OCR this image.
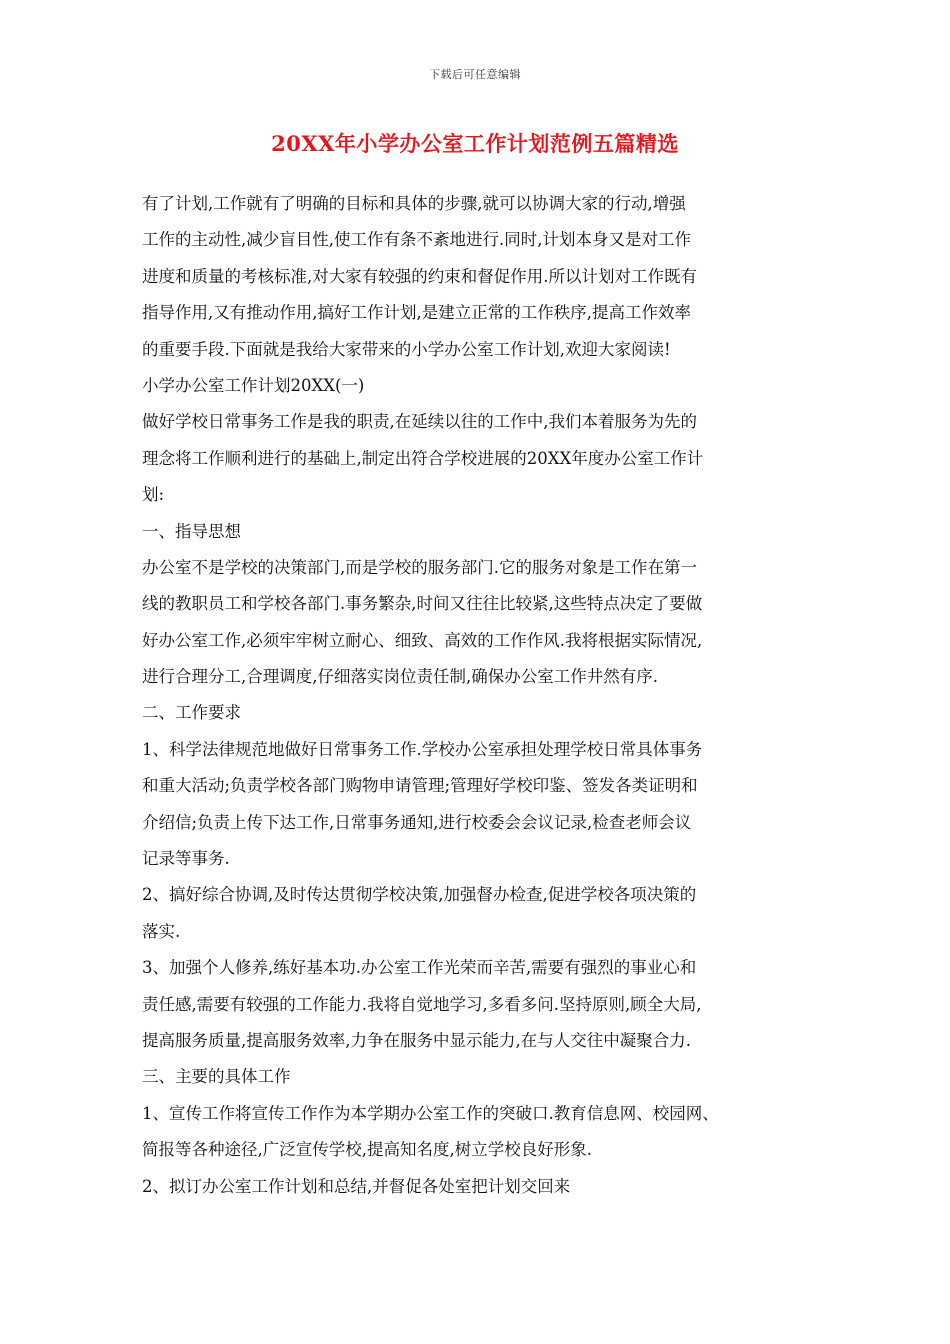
下载后可任意编辑
20XX年小学办公室工作计划范例五篇精选
有了计划,工作就有了明确的目标和具体的步骤,就可以协调大家的行动,增强
工作的主动性,减少盲目性,使工作有条不紊地进行.同时,计划本身又是对工作
进度和质量的考核标准,对大家有较强的约束和督促作用.所以计划对工作既有
指导作用,又有推动作用,搞好工作计划,是建立正常的工作秩序,提高工作效率
的重要手段.下面就是我给大家带来的小学办公室工作计划,欢迎大家阅读!
小学办公室工作计划20XX(一)
做好学校日常事务工作是我的职责,在延续以往的工作中,我们本着服务为先的
理念将工作顺利进行的基础上,制定出符合学校进展的20XX年度办公室工作计
划:
一、指导思想
办公室不是学校的决策部门,而是学校的服务部门.它的服务对象是工作在第一
线的教职员工和学校各部门.事务繁杂,时间又往往比较紧,这些特点决定了要做
好办公室工作,必须牢牢树立耐心、细致、高效的工作作风.我将根据实际情况,
进行合理分工,合理调度,仔细落实岗位责任制,确保办公室工作井然有序.
二、工作要求
1、科学法律规范地做好日常事务工作.学校办公室承担处理学校日常具体事务
和重大活动;负责学校各部门购物申请管理;管理好学校印鉴、签发各类证明和
介绍信;负责上传下达工作,日常事务通知,进行校委会会议记录,检查老师会议
记录等事务.
2、搞好综合协调,及时传达贯彻学校决策,加强督办检查,促进学校各项决策的
落实.
3、加强个人修养,练好基本功.办公室工作光荣而辛苦,需要有强烈的事业心和
责任感,需要有较强的工作能力.我将自觉地学习,多看多问.坚持原则,顾全大局,
提高服务质量,提高服务效率,力争在服务中显示能力,在与人交往中凝聚合力.
三、主要的具体工作
1、宣传工作将宣传工作作为本学期办公室工作的突破口.教育信息网、校园网、
简报等各种途径,广泛宣传学校,提高知名度,树立学校良好形象.
2、拟订办公室工作计划和总结,并督促各处室把计划交回来
